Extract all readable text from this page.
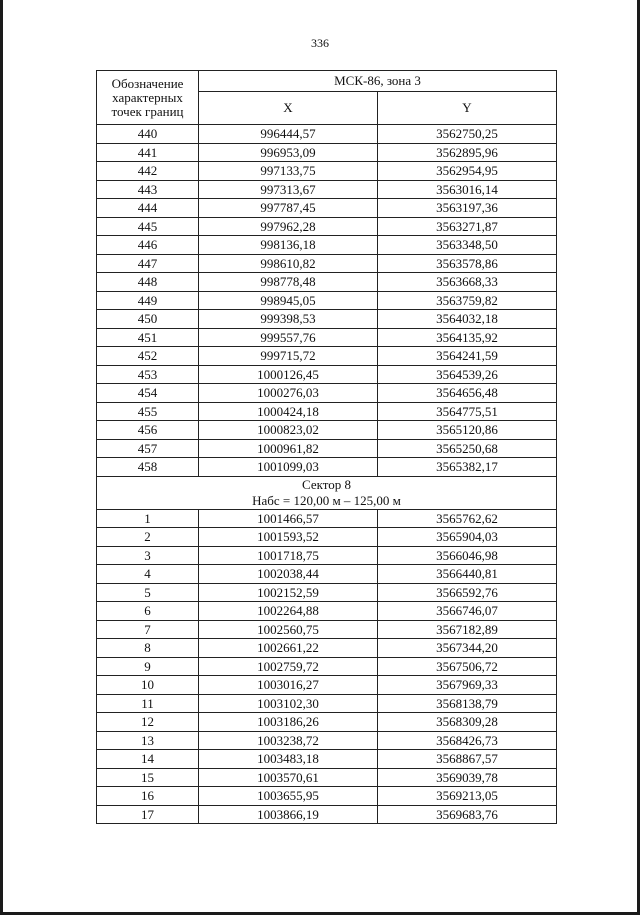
336
Обозначение
характерных
точек границ	МСК-86, зона 3	
	X	Y
440	996444,57	3562750,25
441	996953,09	3562895,96
442	997133,75	3562954,95
443	997313,67	3563016,14
444	997787,45	3563197,36
445	997962,28	3563271,87
446	998136,18	3563348,50
447	998610,82	3563578,86
448	998778,48	3563668,33
449	998945,05	3563759,82
450	999398,53	3564032,18
451	999557,76	3564135,92
452	999715,72	3564241,59
453	1000126,45	3564539,26
454	1000276,03	3564656,48
455	1000424,18	3564775,51
456	1000823,02	3565120,86
457	1000961,82	3565250,68
458	1001099,03	3565382,17

Сектор 8
Набс = 120,00 м – 125,00 м		

1	1001466,57	3565762,62
2	1001593,52	3565904,03
3	1001718,75	3566046,98
4	1002038,44	3566440,81
5	1002152,59	3566592,76
6	1002264,88	3566746,07
7	1002560,75	3567182,89
8	1002661,22	3567344,20
9	1002759,72	3567506,72
10	1003016,27	3567969,33
11	1003102,30	3568138,79
12	1003186,26	3568309,28
13	1003238,72	3568426,73
14	1003483,18	3568867,57
15	1003570,61	3569039,78
16	1003655,95	3569213,05
17	1003866,19	3569683,76
